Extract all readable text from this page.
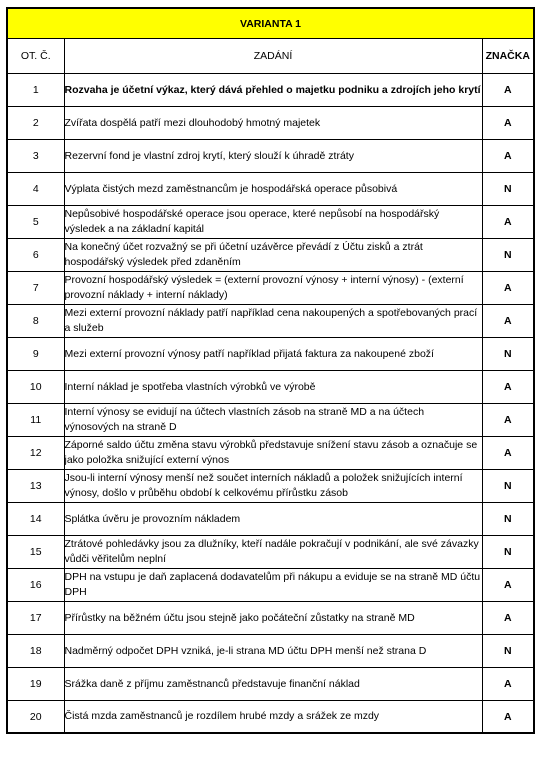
VARIANTA 1		
OT. Č.	ZADÁNÍ	ZNAČKA
1	Rozvaha je účetní výkaz, který dává přehled o majetku podniku a zdrojích jeho krytí	A
2	Zvířata dospělá patří mezi dlouhodobý hmotný majetek	A
3	Rezervní fond je vlastní zdroj krytí, který slouží k úhradě ztráty	A
4	Výplata čistých mezd zaměstnancům je hospodářská operace působivá	N
5	Nepůsobivé hospodářské operace jsou operace, které nepůsobí na hospodářský výsledek a na základní kapitál	A
6	Na konečný účet rozvažný se při účetní uzávěrce převádí z Účtu zisků a ztrát hospodářský výsledek před zdaněním	N
7	Provozní hospodářský výsledek = (externí provozní výnosy + interní výnosy) - (externí provozní náklady + interní náklady)	A
8	Mezi externí provozní náklady patří například cena nakoupených a spotřebovaných prací a služeb	A
9	Mezi externí provozní výnosy patří například přijatá faktura za nakoupené zboží	N
10	Interní náklad je spotřeba vlastních výrobků ve výrobě	A
11	Interní výnosy se evidují na účtech vlastních zásob na straně MD a na účtech výnosových na straně D	A
12	Záporné saldo účtu změna stavu výrobků představuje snížení stavu zásob a označuje se jako položka snižující externí výnos	A
13	Jsou-li interní výnosy menší než součet interních nákladů a položek snižujících interní výnosy, došlo v průběhu období k celkovému přírůstku zásob	N
14	Splátka úvěru je provozním nákladem	N
15	Ztrátové pohledávky jsou za dlužníky, kteří nadále pokračují v podnikání, ale své závazky vůdči věřitelům neplní	N
16	DPH na vstupu je daň zaplacená dodavatelům při nákupu a eviduje se na straně MD účtu DPH	A
17	Přírůstky na běžném účtu jsou stejně jako počáteční zůstatky na straně MD	A
18	Nadměrný odpočet DPH vzniká, je-li strana MD účtu DPH menší než strana D	N
19	Srážka daně z příjmu zaměstnanců představuje finanční náklad	A
20	Čistá mzda zaměstnanců je rozdílem hrubé mzdy a srážek ze mzdy	A
